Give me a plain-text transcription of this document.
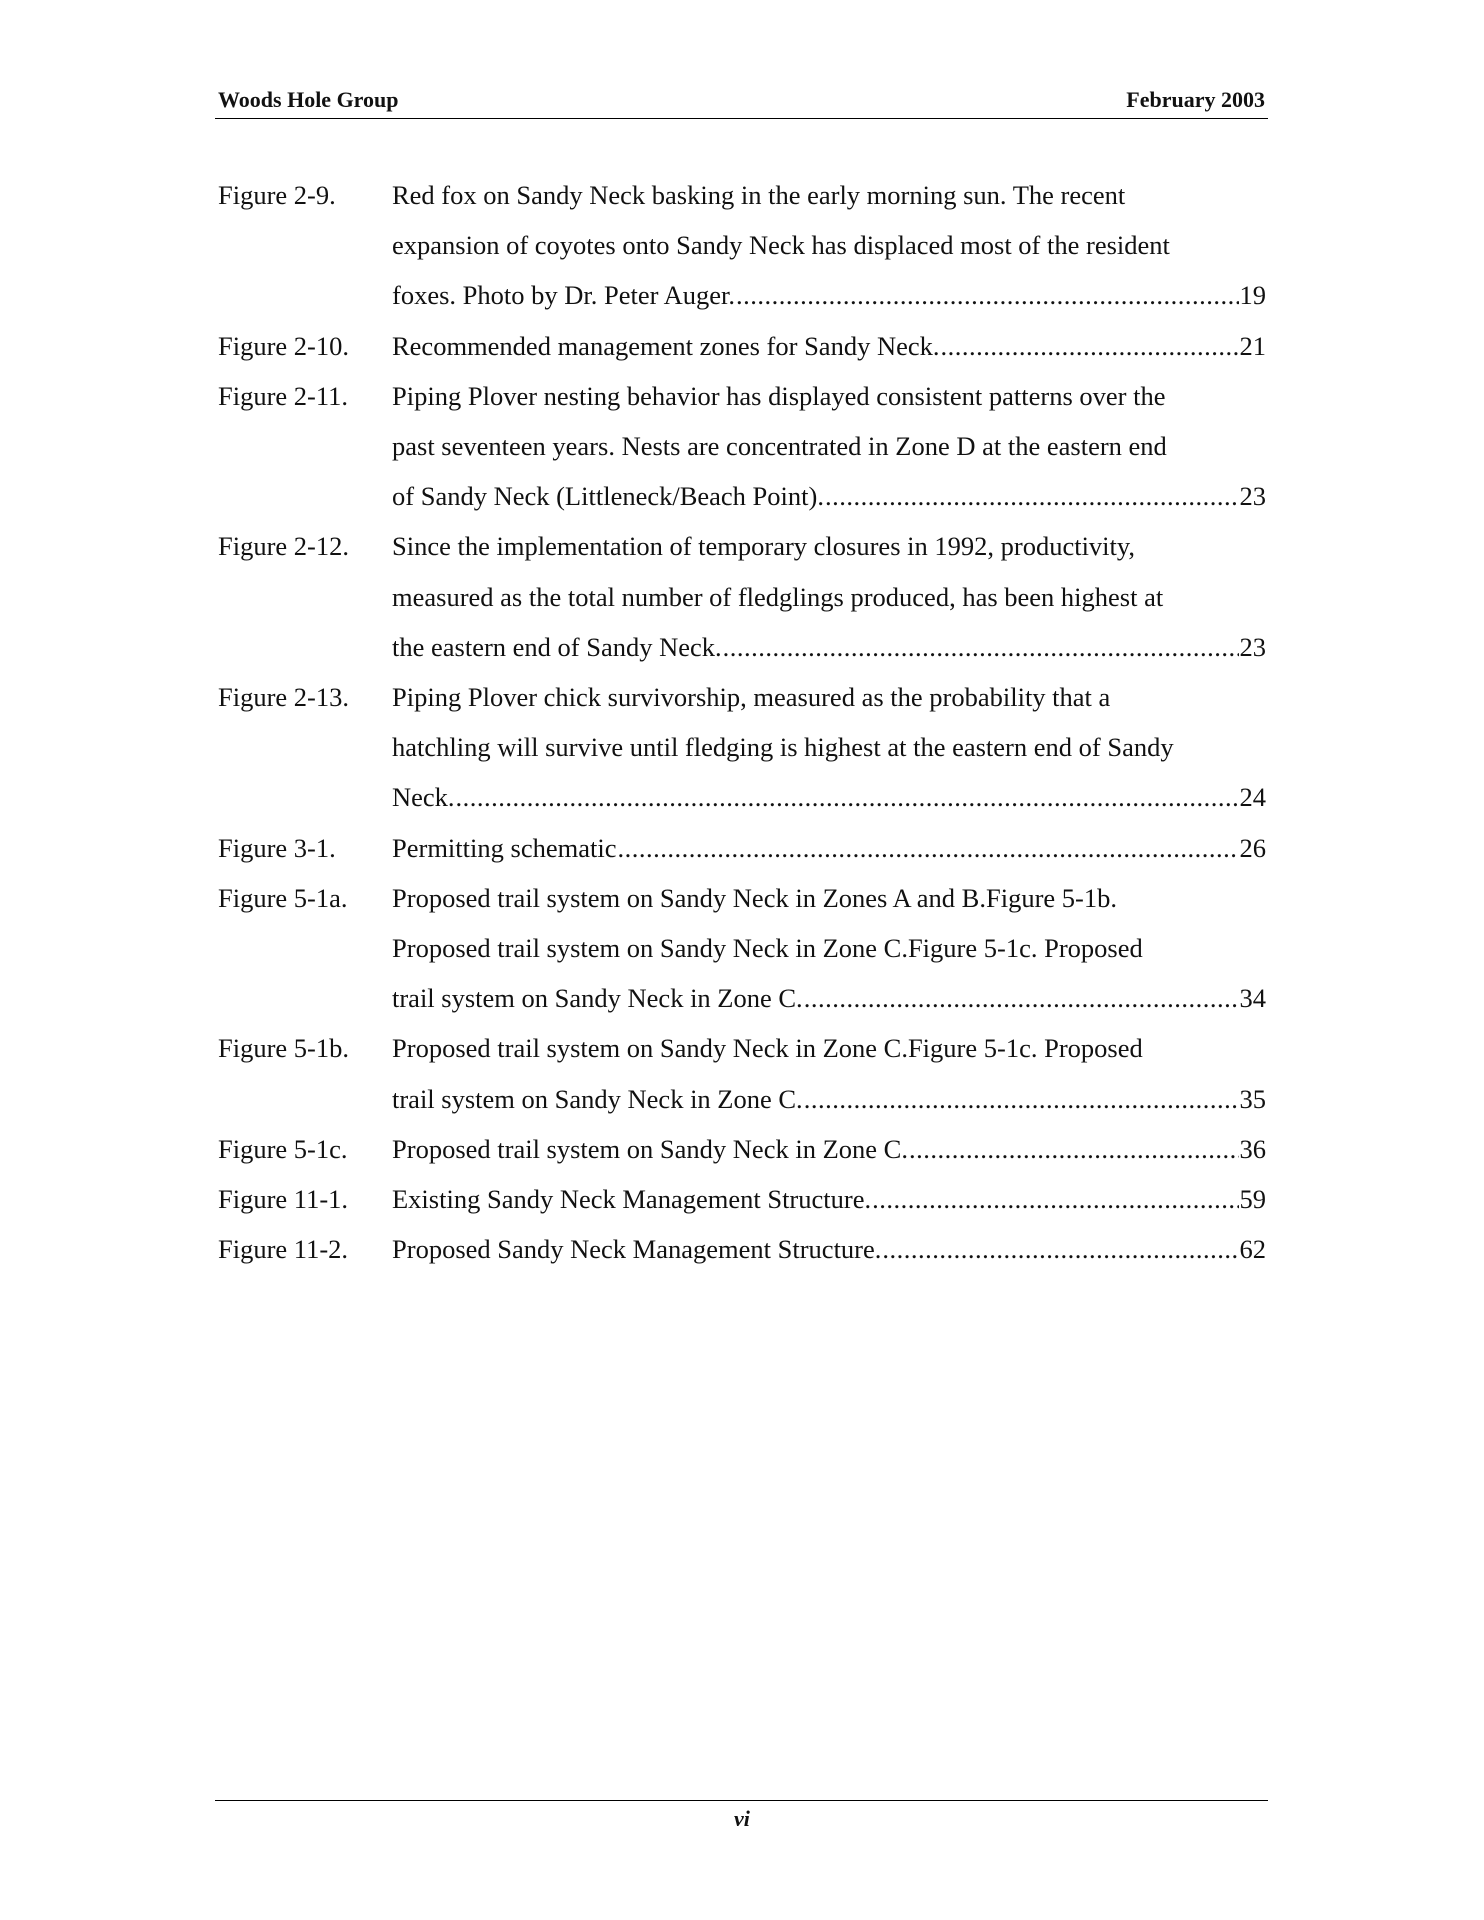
Woods Hole Group	February 2003
Figure 2-9. Red fox on Sandy Neck basking in the early morning sun. The recent
expansion of coyotes onto Sandy Neck has displaced most of the resident
foxes. Photo by Dr. Peter Auger. .....	19
Figure 2-10. Recommended management zones for Sandy Neck. .....	21
Figure 2-11. Piping Plover nesting behavior has displayed consistent patterns over the
past seventeen years. Nests are concentrated in Zone D at the eastern end
of Sandy Neck (Littleneck/Beach Point). .....	23
Figure 2-12. Since the implementation of temporary closures in 1992, productivity,
measured as the total number of fledglings produced, has been highest at
the eastern end of Sandy Neck. .....	23
Figure 2-13. Piping Plover chick survivorship, measured as the probability that a
hatchling will survive until fledging is highest at the eastern end of Sandy
Neck. .....	24
Figure 3-1. Permitting schematic .....	26
Figure 5-1a. Proposed trail system on Sandy Neck in Zones A and B.Figure 5-1b.
Proposed trail system on Sandy Neck in Zone C.Figure 5-1c. Proposed
trail system on Sandy Neck in Zone C. .....	34
Figure 5-1b. Proposed trail system on Sandy Neck in Zone C.Figure 5-1c. Proposed
trail system on Sandy Neck in Zone C. .....	35
Figure 5-1c. Proposed trail system on Sandy Neck in Zone C. .....	36
Figure 11-1. Existing Sandy Neck Management Structure. .....	59
Figure 11-2. Proposed Sandy Neck Management Structure. .....	62
vi
